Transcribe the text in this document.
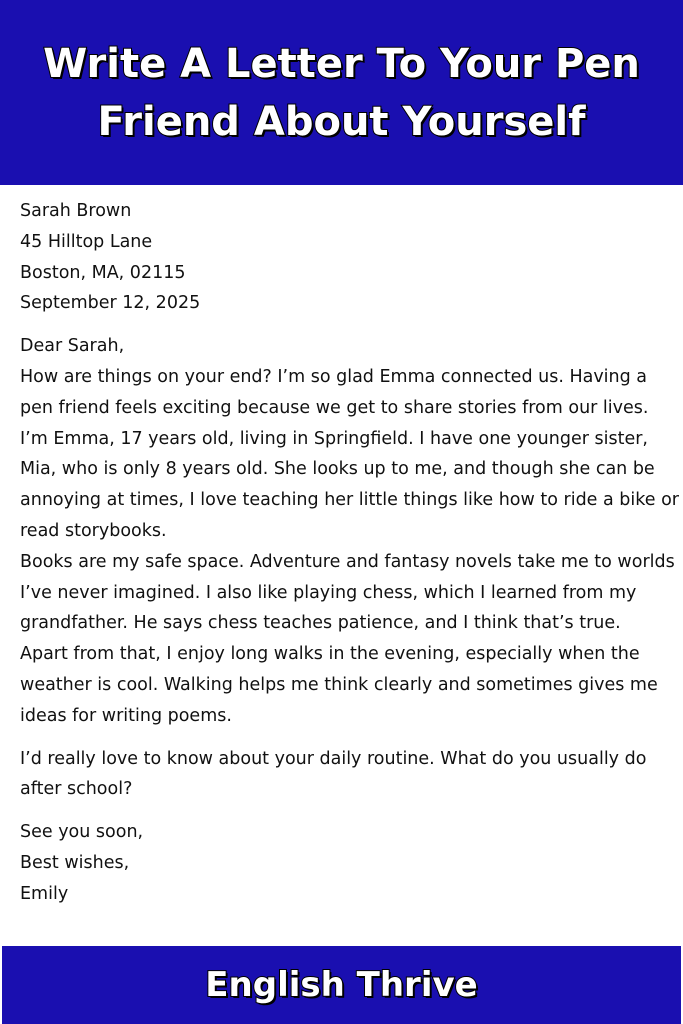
Write A Letter To Your Pen Friend About Yourself

Sarah Brown

45 Hilltop Lane

Boston, MA, 02115

September 12, 2025

Dear Sarah,

How are things on your end? I’m so glad Emma connected us. Having a pen friend feels exciting because we get to share stories from our lives. I’m Emma, 17 years old, living in Springfield. I have one younger sister, Mia, who is only 8 years old. She looks up to me, and though she can be annoying at times, I love teaching her little things like how to ride a bike or read storybooks.

Books are my safe space. Adventure and fantasy novels take me to worlds I’ve never imagined. I also like playing chess, which I learned from my grandfather. He says chess teaches patience, and I think that’s true.

Apart from that, I enjoy long walks in the evening, especially when the weather is cool. Walking helps me think clearly and sometimes gives me ideas for writing poems.

I’d really love to know about your daily routine. What do you usually do after school?

See you soon,

Best wishes,

Emily

English Thrive
